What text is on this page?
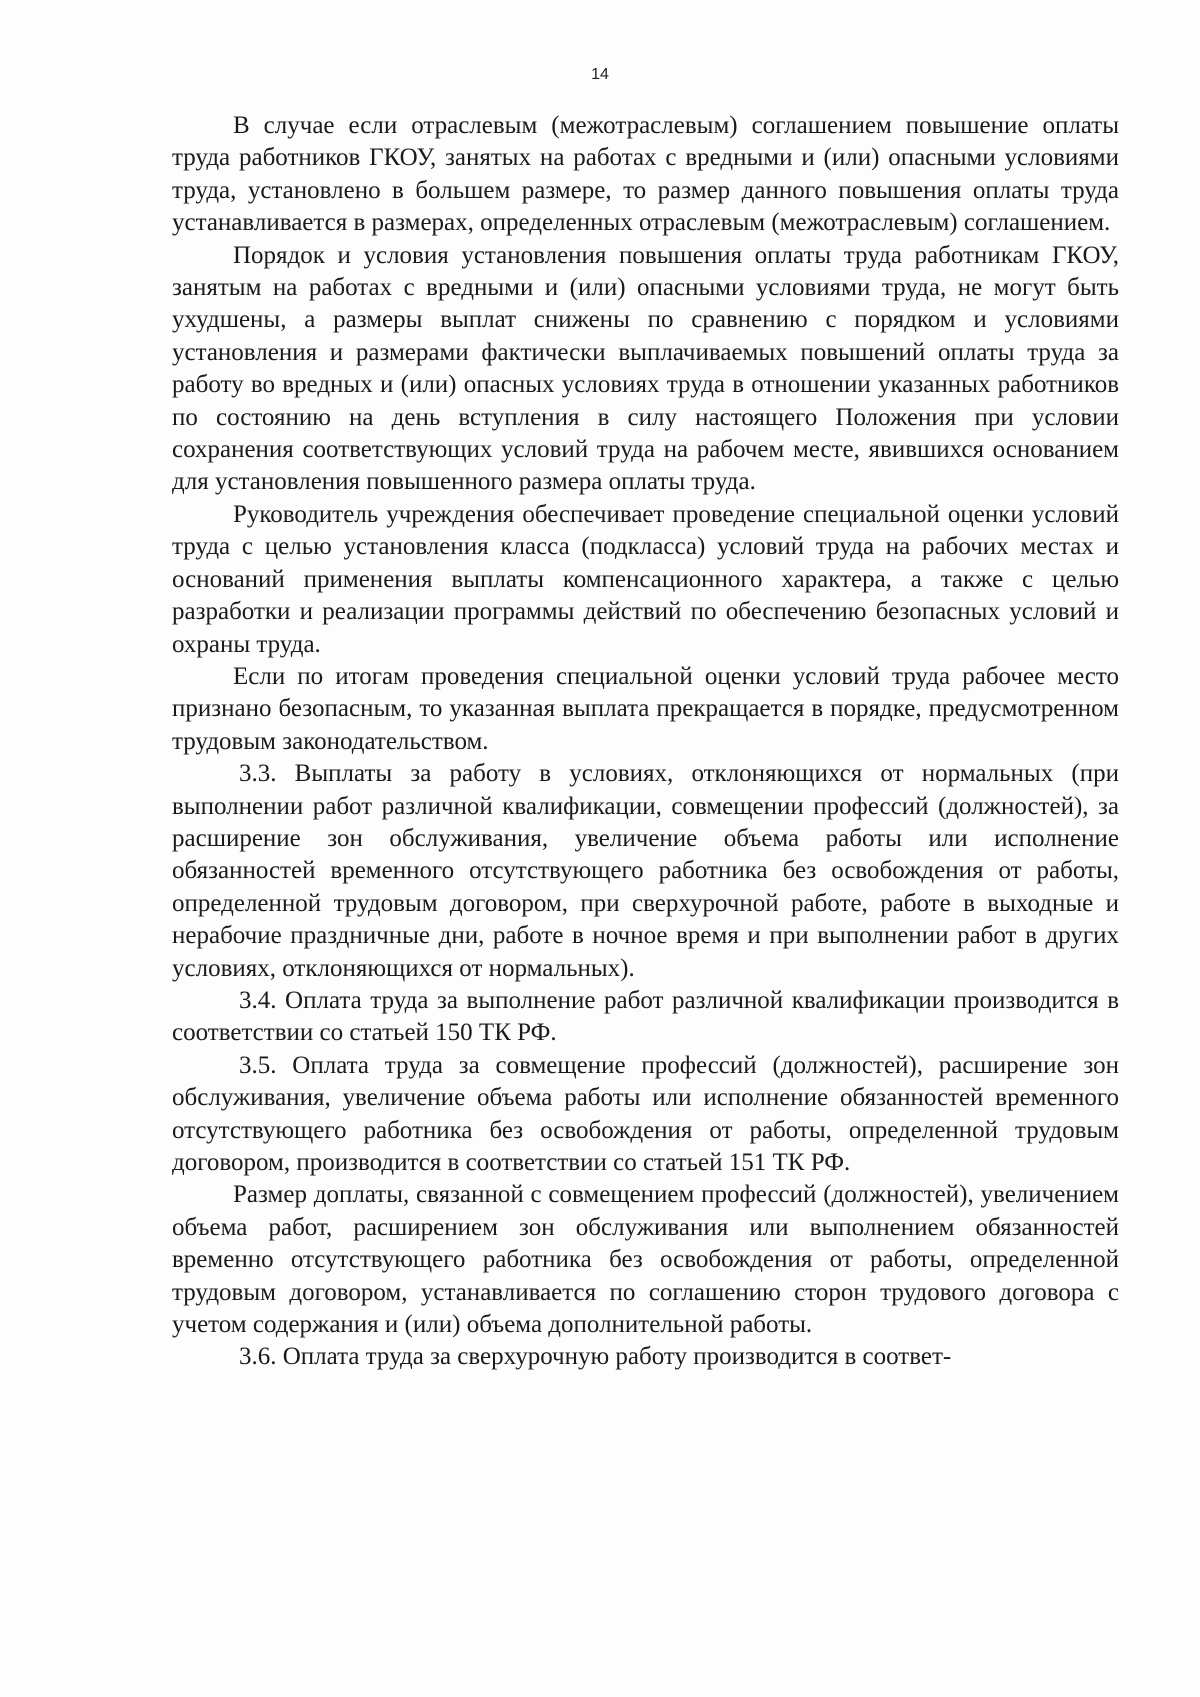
14

В случае если отраслевым (межотраслевым) соглашением повышение оплаты труда работников ГКОУ, занятых на работах с вредными и (или) опасными условиями труда, установлено в большем размере, то размер данного повышения оплаты труда устанавливается в размерах, определенных отраслевым (межотраслевым) соглашением.

Порядок и условия установления повышения оплаты труда работникам ГКОУ, занятым на работах с вредными и (или) опасными условиями труда, не могут быть ухудшены, а размеры выплат снижены по сравнению с порядком и условиями установления и размерами фактически выплачиваемых повышений оплаты труда за работу во вредных и (или) опасных условиях труда в отношении указанных работников по состоянию на день вступления в силу настоящего Положения при условии сохранения соответствующих условий труда на рабочем месте, явившихся основанием для установления повышенного размера оплаты труда.

Руководитель учреждения обеспечивает проведение специальной оценки условий труда с целью установления класса (подкласса) условий труда на рабочих местах и оснований применения выплаты компенсационного характера, а также с целью разработки и реализации программы действий по обеспечению безопасных условий и охраны труда.

Если по итогам проведения специальной оценки условий труда рабочее место признано безопасным, то указанная выплата прекращается в порядке, предусмотренном трудовым законодательством.

3.3. Выплаты за работу в условиях, отклоняющихся от нормальных (при выполнении работ различной квалификации, совмещении профессий (должностей), за расширение зон обслуживания, увеличение объема работы или исполнение обязанностей временного отсутствующего работника без освобождения от работы, определенной трудовым договором, при сверхурочной работе, работе в выходные и нерабочие праздничные дни, работе в ночное время и при выполнении работ в других условиях, отклоняющихся от нормальных).

3.4. Оплата труда за выполнение работ различной квалификации производится в соответствии со статьей 150 ТК РФ.

3.5. Оплата труда за совмещение профессий (должностей), расширение зон обслуживания, увеличение объема работы или исполнение обязанностей временного отсутствующего работника без освобождения от работы, определенной трудовым договором, производится в соответствии со статьей 151 ТК РФ.

Размер доплаты, связанной с совмещением профессий (должностей), увеличением объема работ, расширением зон обслуживания или выполнением обязанностей временно отсутствующего работника без освобождения от работы, определенной трудовым договором, устанавливается по соглашению сторон трудового договора с учетом содержания и (или) объема дополнительной работы.

3.6. Оплата труда за сверхурочную работу производится в соответ-
